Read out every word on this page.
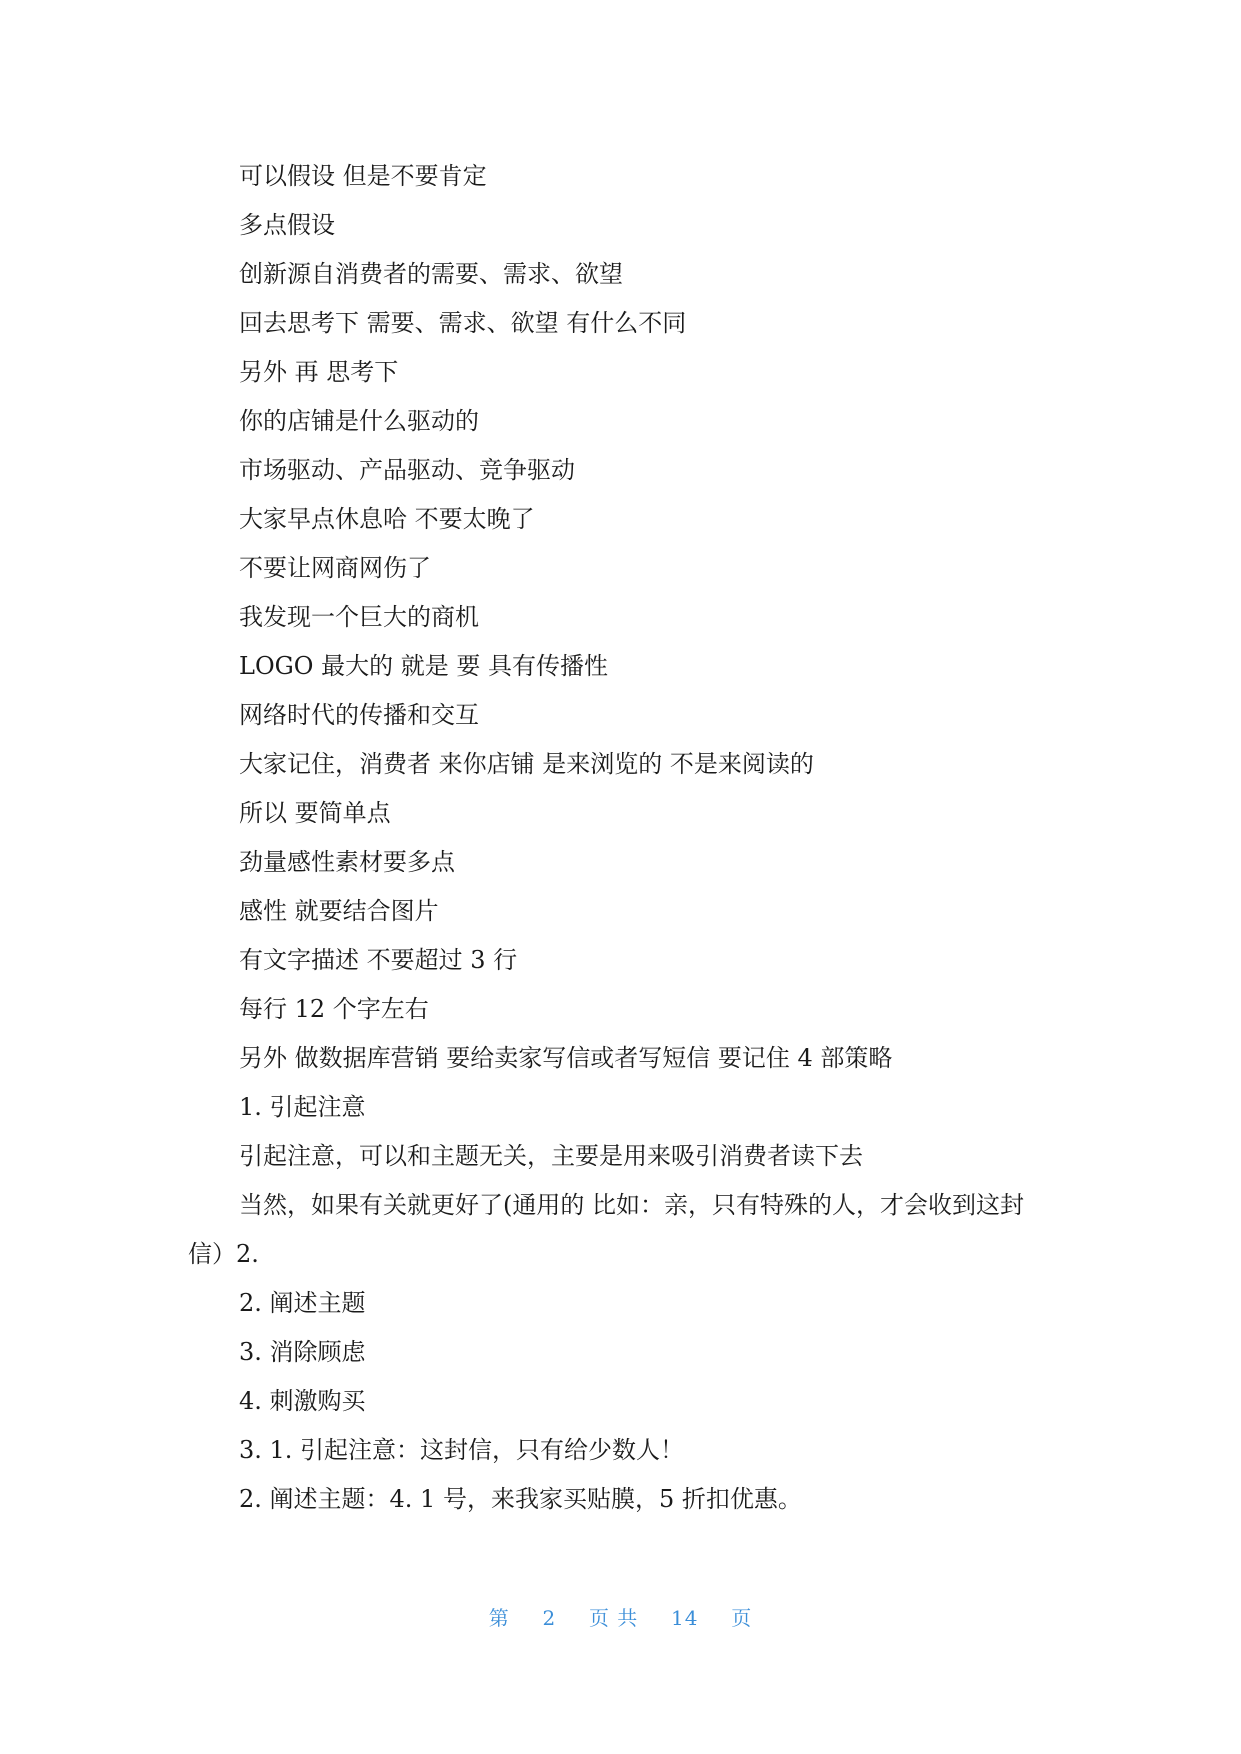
可以假设 但是不要肯定
多点假设
创新源自消费者的需要、需求、欲望
回去思考下 需要、需求、欲望 有什么不同
另外 再 思考下
你的店铺是什么驱动的
市场驱动、产品驱动、竞争驱动
大家早点休息哈 不要太晚了
不要让网商网伤了
我发现一个巨大的商机
LOGO 最大的 就是 要 具有传播性
网络时代的传播和交互
大家记住，消费者 来你店铺 是来浏览的 不是来阅读的
所以 要简单点
劲量感性素材要多点
感性 就要结合图片
有文字描述 不要超过 3 行
每行 12 个字左右
另外 做数据库营销 要给卖家写信或者写短信 要记住 4 部策略
1. 引起注意
引起注意，可以和主题无关，主要是用来吸引消费者读下去
当然，如果有关就更好了(通用的 比如：亲，只有特殊的人，才会收到这封信）2.
2. 阐述主题
3. 消除顾虑
4. 刺激购买
3. 1. 引起注意：这封信，只有给少数人！
2. 阐述主题：4. 1 号，来我家买贴膜，5 折扣优惠。
第 2 页 共 14 页
